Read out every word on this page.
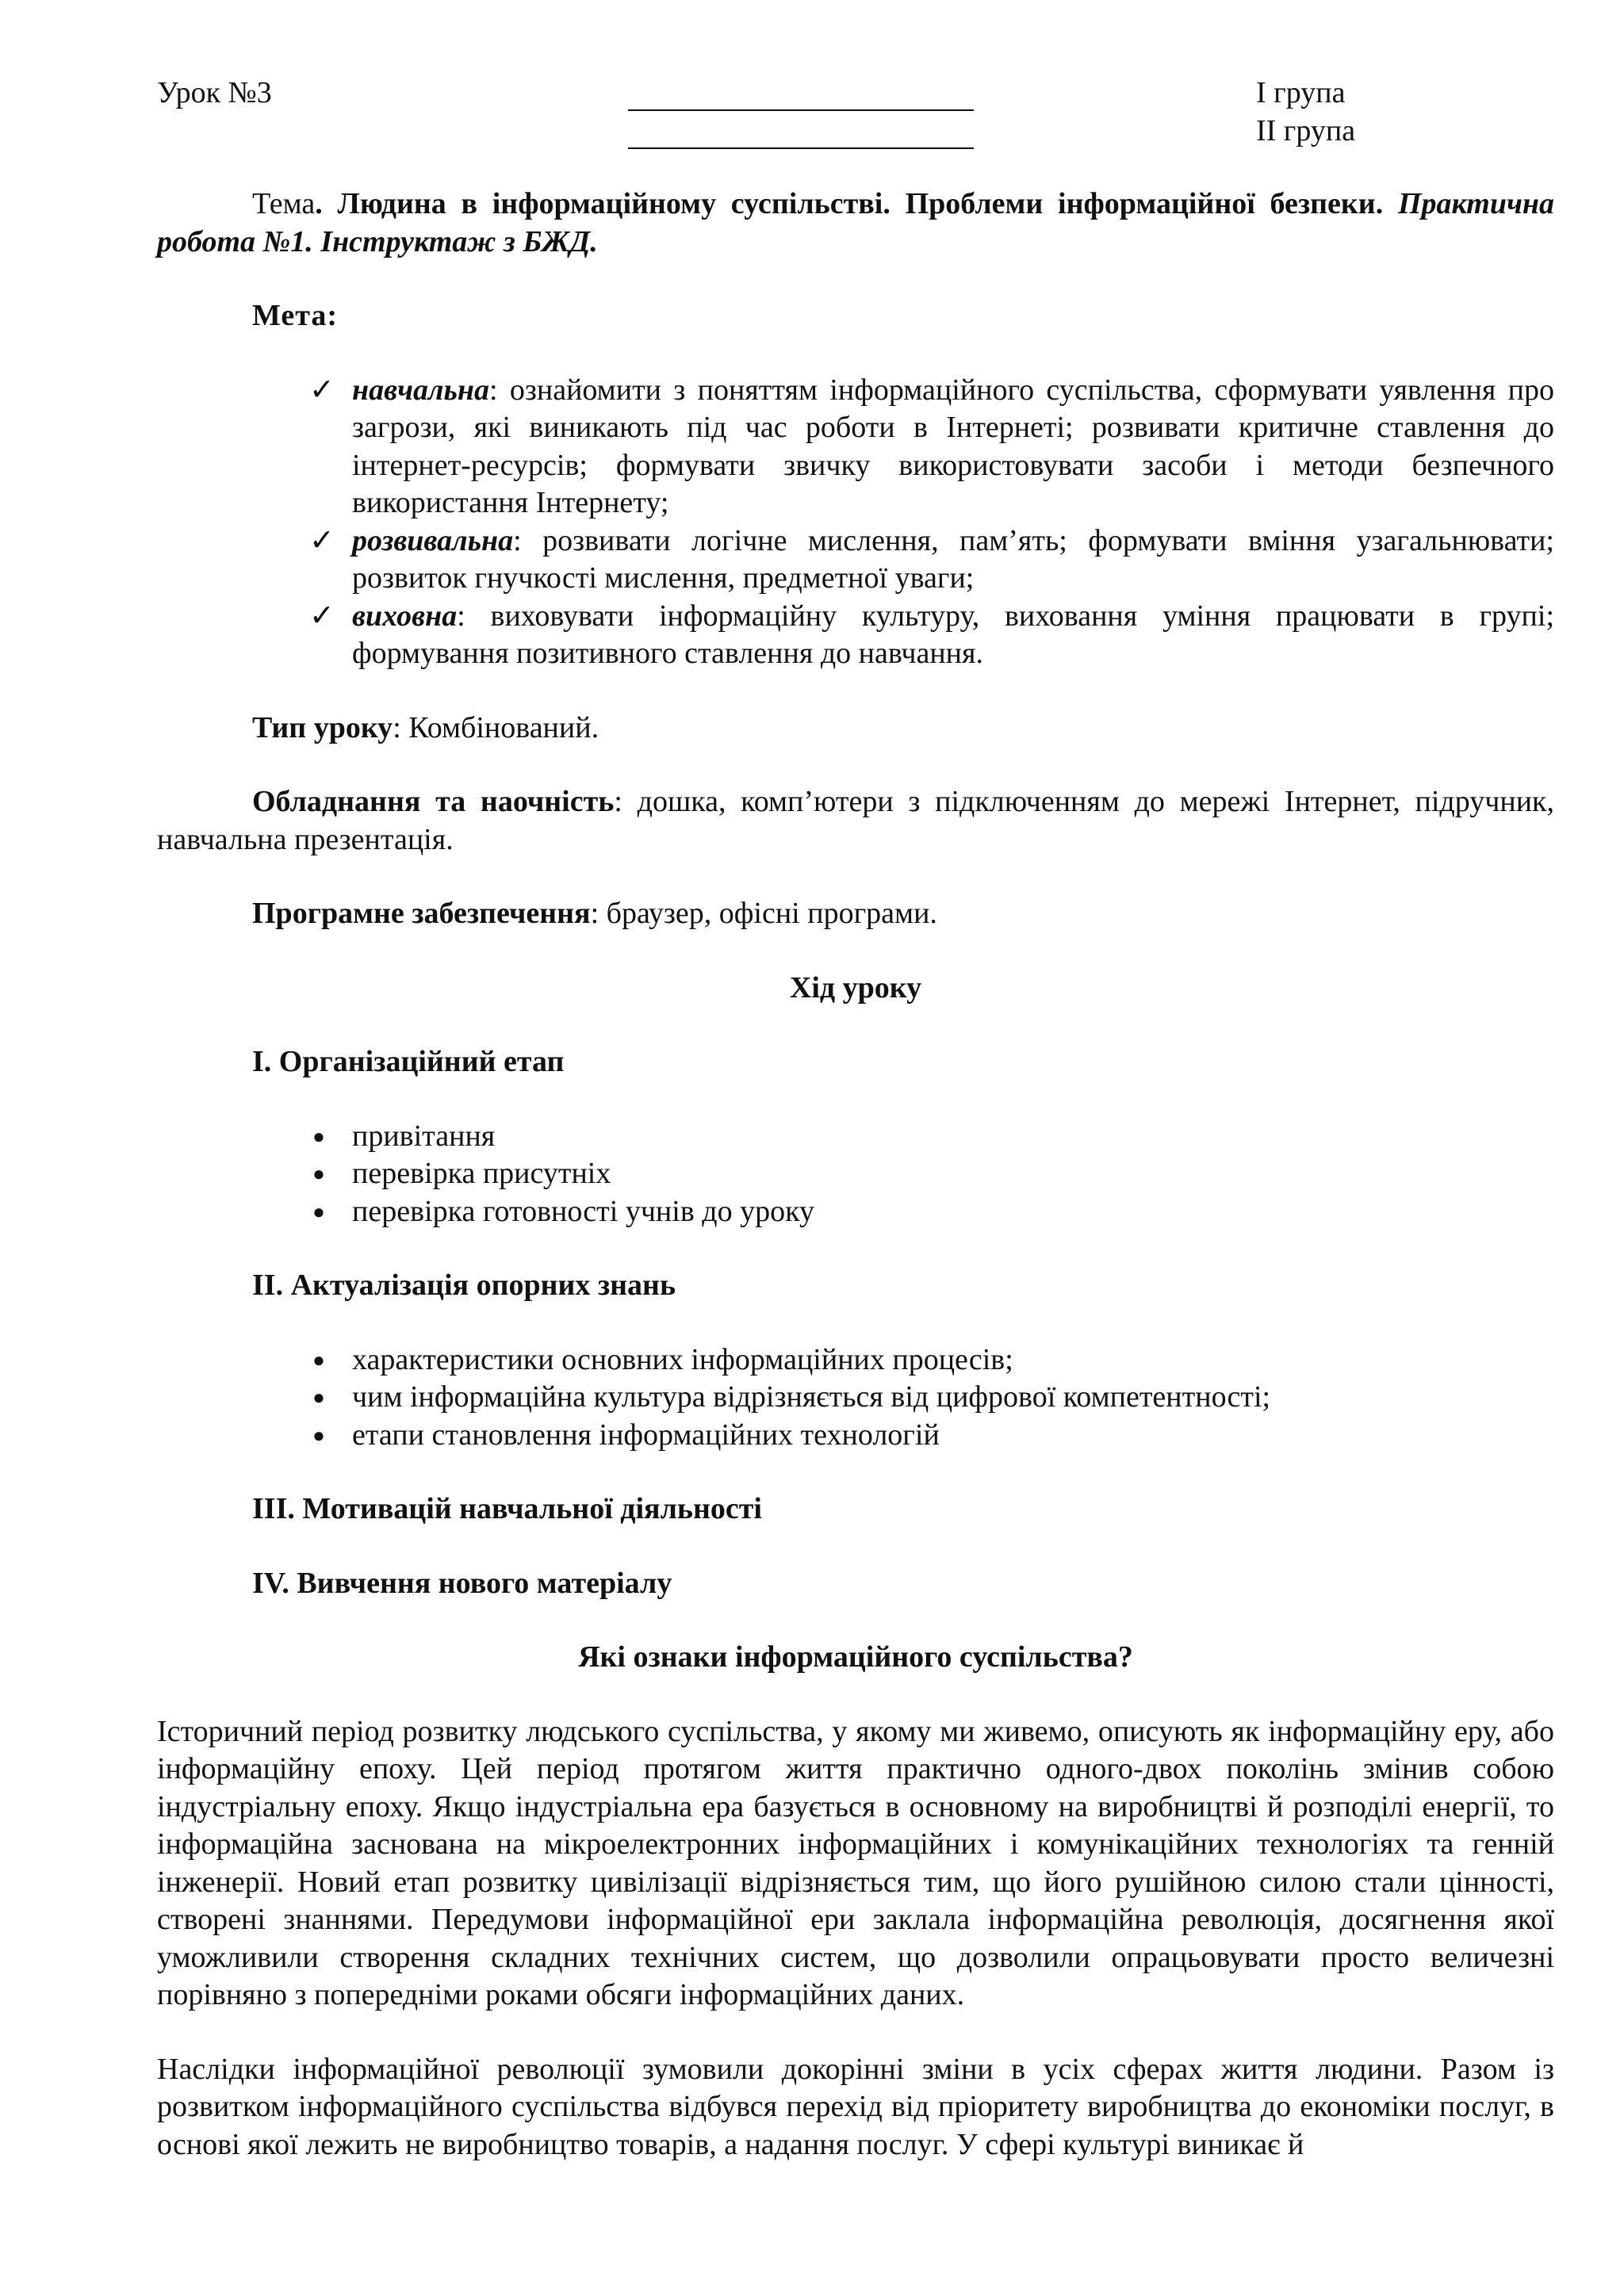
Урок №3	І група
ІІ група

Тема. Людина в інформаційному суспільстві. Проблеми інформаційної безпеки. Практична робота №1. Інструктаж з БЖД.

Мета:

✓ навчальна: ознайомити з поняттям інформаційного суспільства, сформувати уявлення про загрози, які виникають під час роботи в Інтернеті; розвивати критичне ставлення до інтернет-ресурсів; формувати звичку використовувати засоби і методи безпечного використання Інтернету;
✓ розвивальна: розвивати логічне мислення, пам’ять; формувати вміння узагальнювати; розвиток гнучкості мислення, предметної уваги;
✓ виховна: виховувати інформаційну культуру, виховання уміння працювати в групі; формування позитивного ставлення до навчання.

Тип уроку: Комбінований.

Обладнання та наочність: дошка, комп’ютери з підключенням до мережі Інтернет, підручник, навчальна презентація.

Програмне забезпечення: браузер, офісні програми.

Хід уроку

І. Організаційний етап

● привітання
● перевірка присутніх
● перевірка готовності учнів до уроку

ІІ. Актуалізація опорних знань

● характеристики основних інформаційних процесів;
● чим інформаційна культура відрізняється від цифрової компетентності;
● етапи становлення інформаційних технологій

ІІІ. Мотивацій навчальної діяльності

IV. Вивчення нового матеріалу

Які ознаки інформаційного суспільства?

Історичний період розвитку людського суспільства, у якому ми живемо, описують як інформаційну еру, або інформаційну епоху. Цей період протягом життя практично одного-двох поколінь змінив собою індустріальну епоху. Якщо індустріальна ера базується в основному на виробництві й розподілі енергії, то інформаційна заснована на мікроелектронних інформаційних і комунікаційних технологіях та генній інженерії. Новий етап розвитку цивілізації відрізняється тим, що його рушійною силою стали цінності, створені знаннями. Передумови інформаційної ери заклала інформаційна революція, досягнення якої уможливили створення складних технічних систем, що дозволили опрацьовувати просто величезні порівняно з попередніми роками обсяги інформаційних даних.

Наслідки інформаційної революції зумовили докорінні зміни в усіх сферах життя людини. Разом із розвитком інформаційного суспільства відбувся перехід від пріоритету виробництва до економіки послуг, в основі якої лежить не виробництво товарів, а надання послуг. У сфері культурі виникає й
